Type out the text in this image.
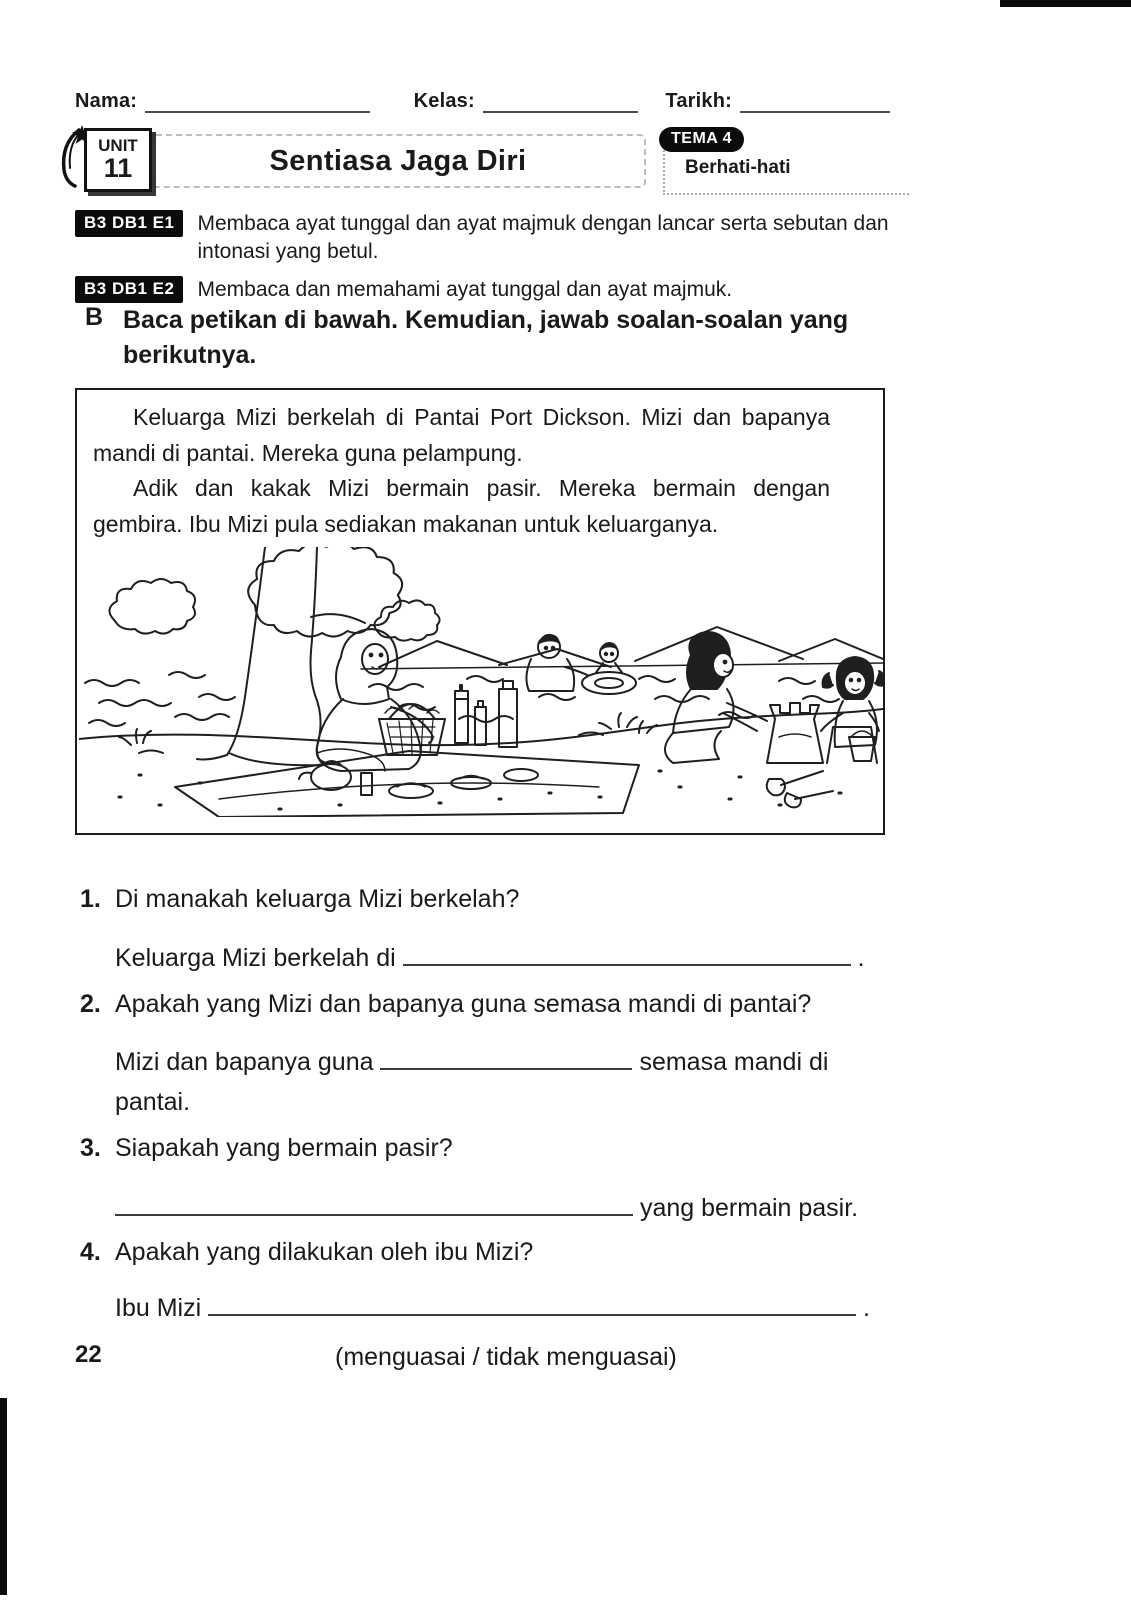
Nama:	Kelas:	Tarikh:
UNIT
11	Sentiasa Jaga Diri
TEMA 4
Berhati-hati
B3 DB1 E1	Membaca ayat tunggal dan ayat majmuk dengan lancar serta sebutan dan intonasi yang betul.
B3 DB1 E2	Membaca dan memahami ayat tunggal dan ayat majmuk.
B Baca petikan di bawah. Kemudian, jawab soalan-soalan yang berikutnya.

Keluarga Mizi berkelah di Pantai Port Dickson. Mizi dan bapanya mandi di pantai. Mereka guna pelampung.

Adik dan kakak Mizi bermain pasir. Mereka bermain dengan gembira. Ibu Mizi pula sediakan makanan untuk keluarganya.

1. Di manakah keluarga Mizi berkelah?
Keluarga Mizi berkelah di	.
2. Apakah yang Mizi dan bapanya guna semasa mandi di pantai?
Mizi dan bapanya guna	semasa mandi di pantai.
3. Siapakah yang bermain pasir?
yang bermain pasir.
4. Apakah yang dilakukan oleh ibu Mizi?
Ibu Mizi	.
22	(menguasai / tidak menguasai)
